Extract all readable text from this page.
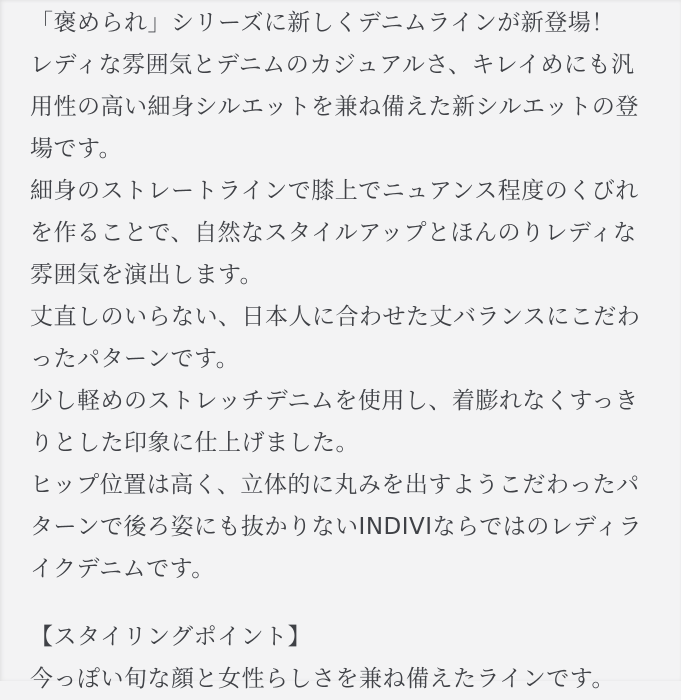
「褒められ」シリーズに新しくデニムラインが新登場！
レディな雰囲気とデニムのカジュアルさ、キレイめにも汎
用性の高い細身シルエットを兼ね備えた新シルエットの登
場です。
細身のストレートラインで膝上でニュアンス程度のくびれ
を作ることで、自然なスタイルアップとほんのりレディな
雰囲気を演出します。
丈直しのいらない、日本人に合わせた丈バランスにこだわ
ったパターンです。
少し軽めのストレッチデニムを使用し、着膨れなくすっき
りとした印象に仕上げました。
ヒップ位置は高く、立体的に丸みを出すようこだわったパ
ターンで後ろ姿にも抜かりないINDIVIならではのレディラ
イクデニムです。
【スタイリングポイント】
今っぽい旬な顔と女性らしさを兼ね備えたラインです。
